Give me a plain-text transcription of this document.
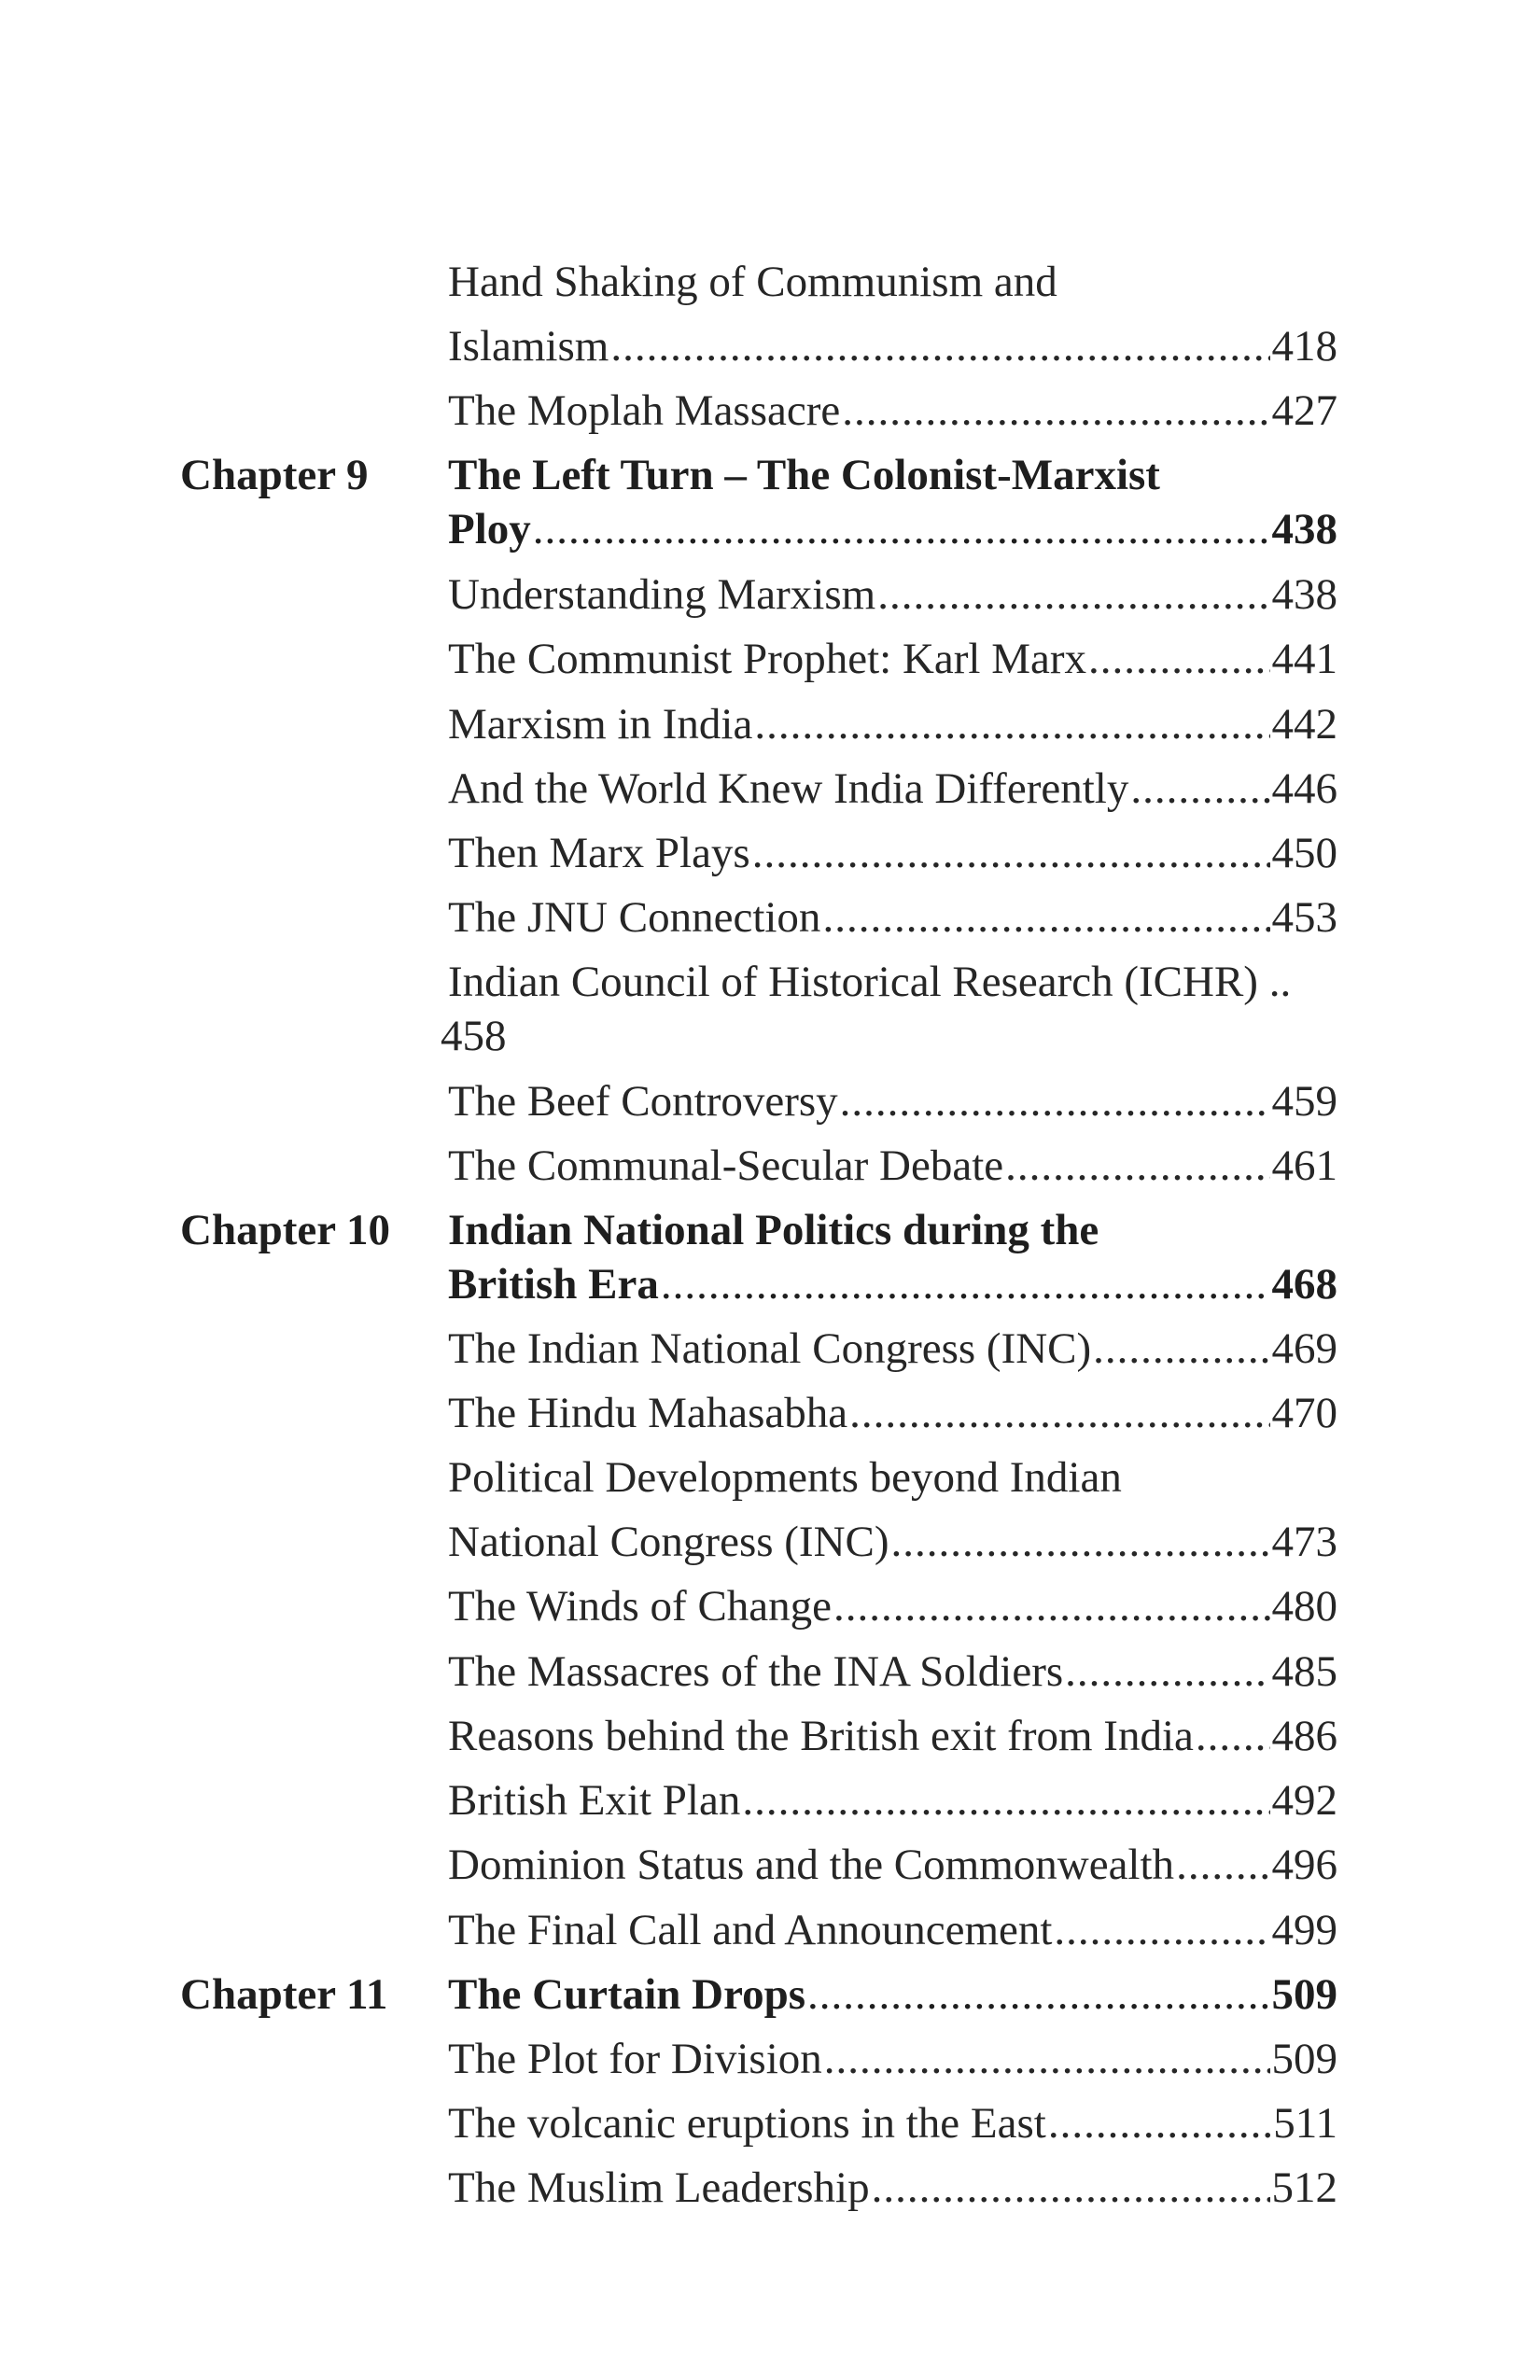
Hand Shaking of Communism and
Islamism .....	418
The Moplah Massacre .....	427
Chapter 9	The Left Turn – The Colonist-Marxist
Ploy .....	438
Understanding Marxism .....	438
The Communist Prophet: Karl Marx .....	441
Marxism in India .....	442
And the World Knew India Differently .....	446
Then Marx Plays .....	450
The JNU Connection .....	453
Indian Council of Historical Research (ICHR) ..
458
The Beef Controversy .....	459
The Communal-Secular Debate .....	461
Chapter 10	Indian National Politics during the
British Era .....	468
The Indian National Congress (INC) .....	469
The Hindu Mahasabha .....	470
Political Developments beyond Indian
National Congress (INC) .....	473
The Winds of Change .....	480
The Massacres of the INA Soldiers .....	485
Reasons behind the British exit from India ..... 486
British Exit Plan .....	492
Dominion Status and the Commonwealth ..... 496
The Final Call and Announcement .....	499
Chapter 11	The Curtain Drops .....	509
The Plot for Division .....	509
The volcanic eruptions in the East .....	511
The Muslim Leadership .....	512
